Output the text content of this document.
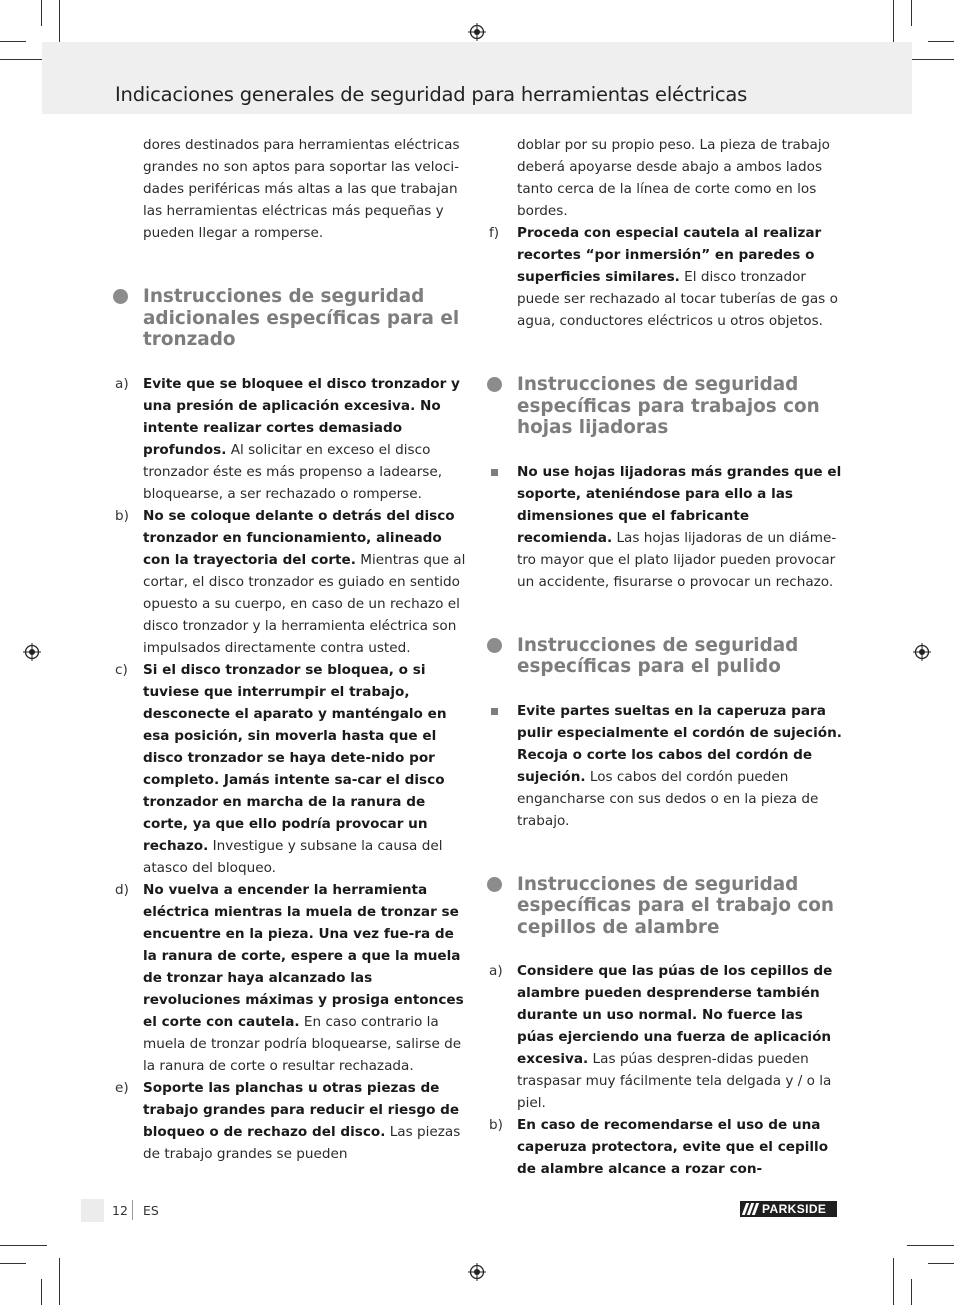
Indicaciones generales de seguridad para herramientas eléctricas

dores destinados para herramientas eléctricas grandes no son aptos para soportar las veloci-dades periféricas más altas a las que trabajan las herramientas eléctricas más pequeñas y pueden llegar a romperse.

Instrucciones de seguridad adicionales específicas para el tronzado
a) Evite que se bloquee el disco tronzador y una presión de aplicación excesiva. No intente realizar cortes demasiado profundos. Al solicitar en exceso el disco tronzador éste es más propenso a ladearse, bloquearse, a ser rechazado o romperse.

b) No se coloque delante o detrás del disco tronzador en funcionamiento, alineado con la trayectoria del corte. Mientras que al cortar, el disco tronzador es guiado en sentido opuesto a su cuerpo, en caso de un rechazo el disco tronzador y la herramienta eléctrica son impulsados directamente contra usted.

c) Si el disco tronzador se bloquea, o si tuviese que interrumpir el trabajo, desconecte el aparato y manténgalo en esa posición, sin moverla hasta que el disco tronzador se haya dete-nido por completo. Jamás intente sa-car el disco tronzador en marcha de la ranura de corte, ya que ello podría provocar un rechazo. Investigue y subsane la causa del atasco del bloqueo.

d) No vuelva a encender la herramienta eléctrica mientras la muela de tronzar se encuentre en la pieza. Una vez fue-ra de la ranura de corte, espere a que la muela de tronzar haya alcanzado las revoluciones máximas y prosiga entonces el corte con cautela. En caso contrario la muela de tronzar podría bloquearse, salirse de la ranura de corte o resultar rechazada.

e) Soporte las planchas u otras piezas de trabajo grandes para reducir el riesgo de bloqueo o de rechazo del disco. Las piezas de trabajo grandes se pueden

doblar por su propio peso. La pieza de trabajo deberá apoyarse desde abajo a ambos lados tanto cerca de la línea de corte como en los bordes.

f) Proceda con especial cautela al realizar recortes “por inmersión” en paredes o superficies similares. El disco tronzador puede ser rechazado al tocar tuberías de gas o agua, conductores eléctricos u otros objetos.

Instrucciones de seguridad específicas para trabajos con hojas lijadoras

No use hojas lijadoras más grandes que el soporte, ateniéndose para ello a las dimensiones que el fabricante recomienda. Las hojas lijadoras de un diáme-tro mayor que el plato lijador pueden provocar un accidente, fisurarse o provocar un rechazo.

Instrucciones de seguridad específicas para el pulido

Evite partes sueltas en la caperuza para pulir especialmente el cordón de sujeción. Recoja o corte los cabos del cordón de sujeción. Los cabos del cordón pueden engancharse con sus dedos o en la pieza de trabajo.

Instrucciones de seguridad específicas para el trabajo con cepillos de alambre
a) Considere que las púas de los cepillos de alambre pueden desprenderse también durante un uso normal. No fuerce las púas ejerciendo una fuerza de aplicación excesiva. Las púas despren-didas pueden traspasar muy fácilmente tela delgada y / o la piel.

b) En caso de recomendarse el uso de una caperuza protectora, evite que el cepillo de alambre alcance a rozar con-

12 ES	PARKSIDE
